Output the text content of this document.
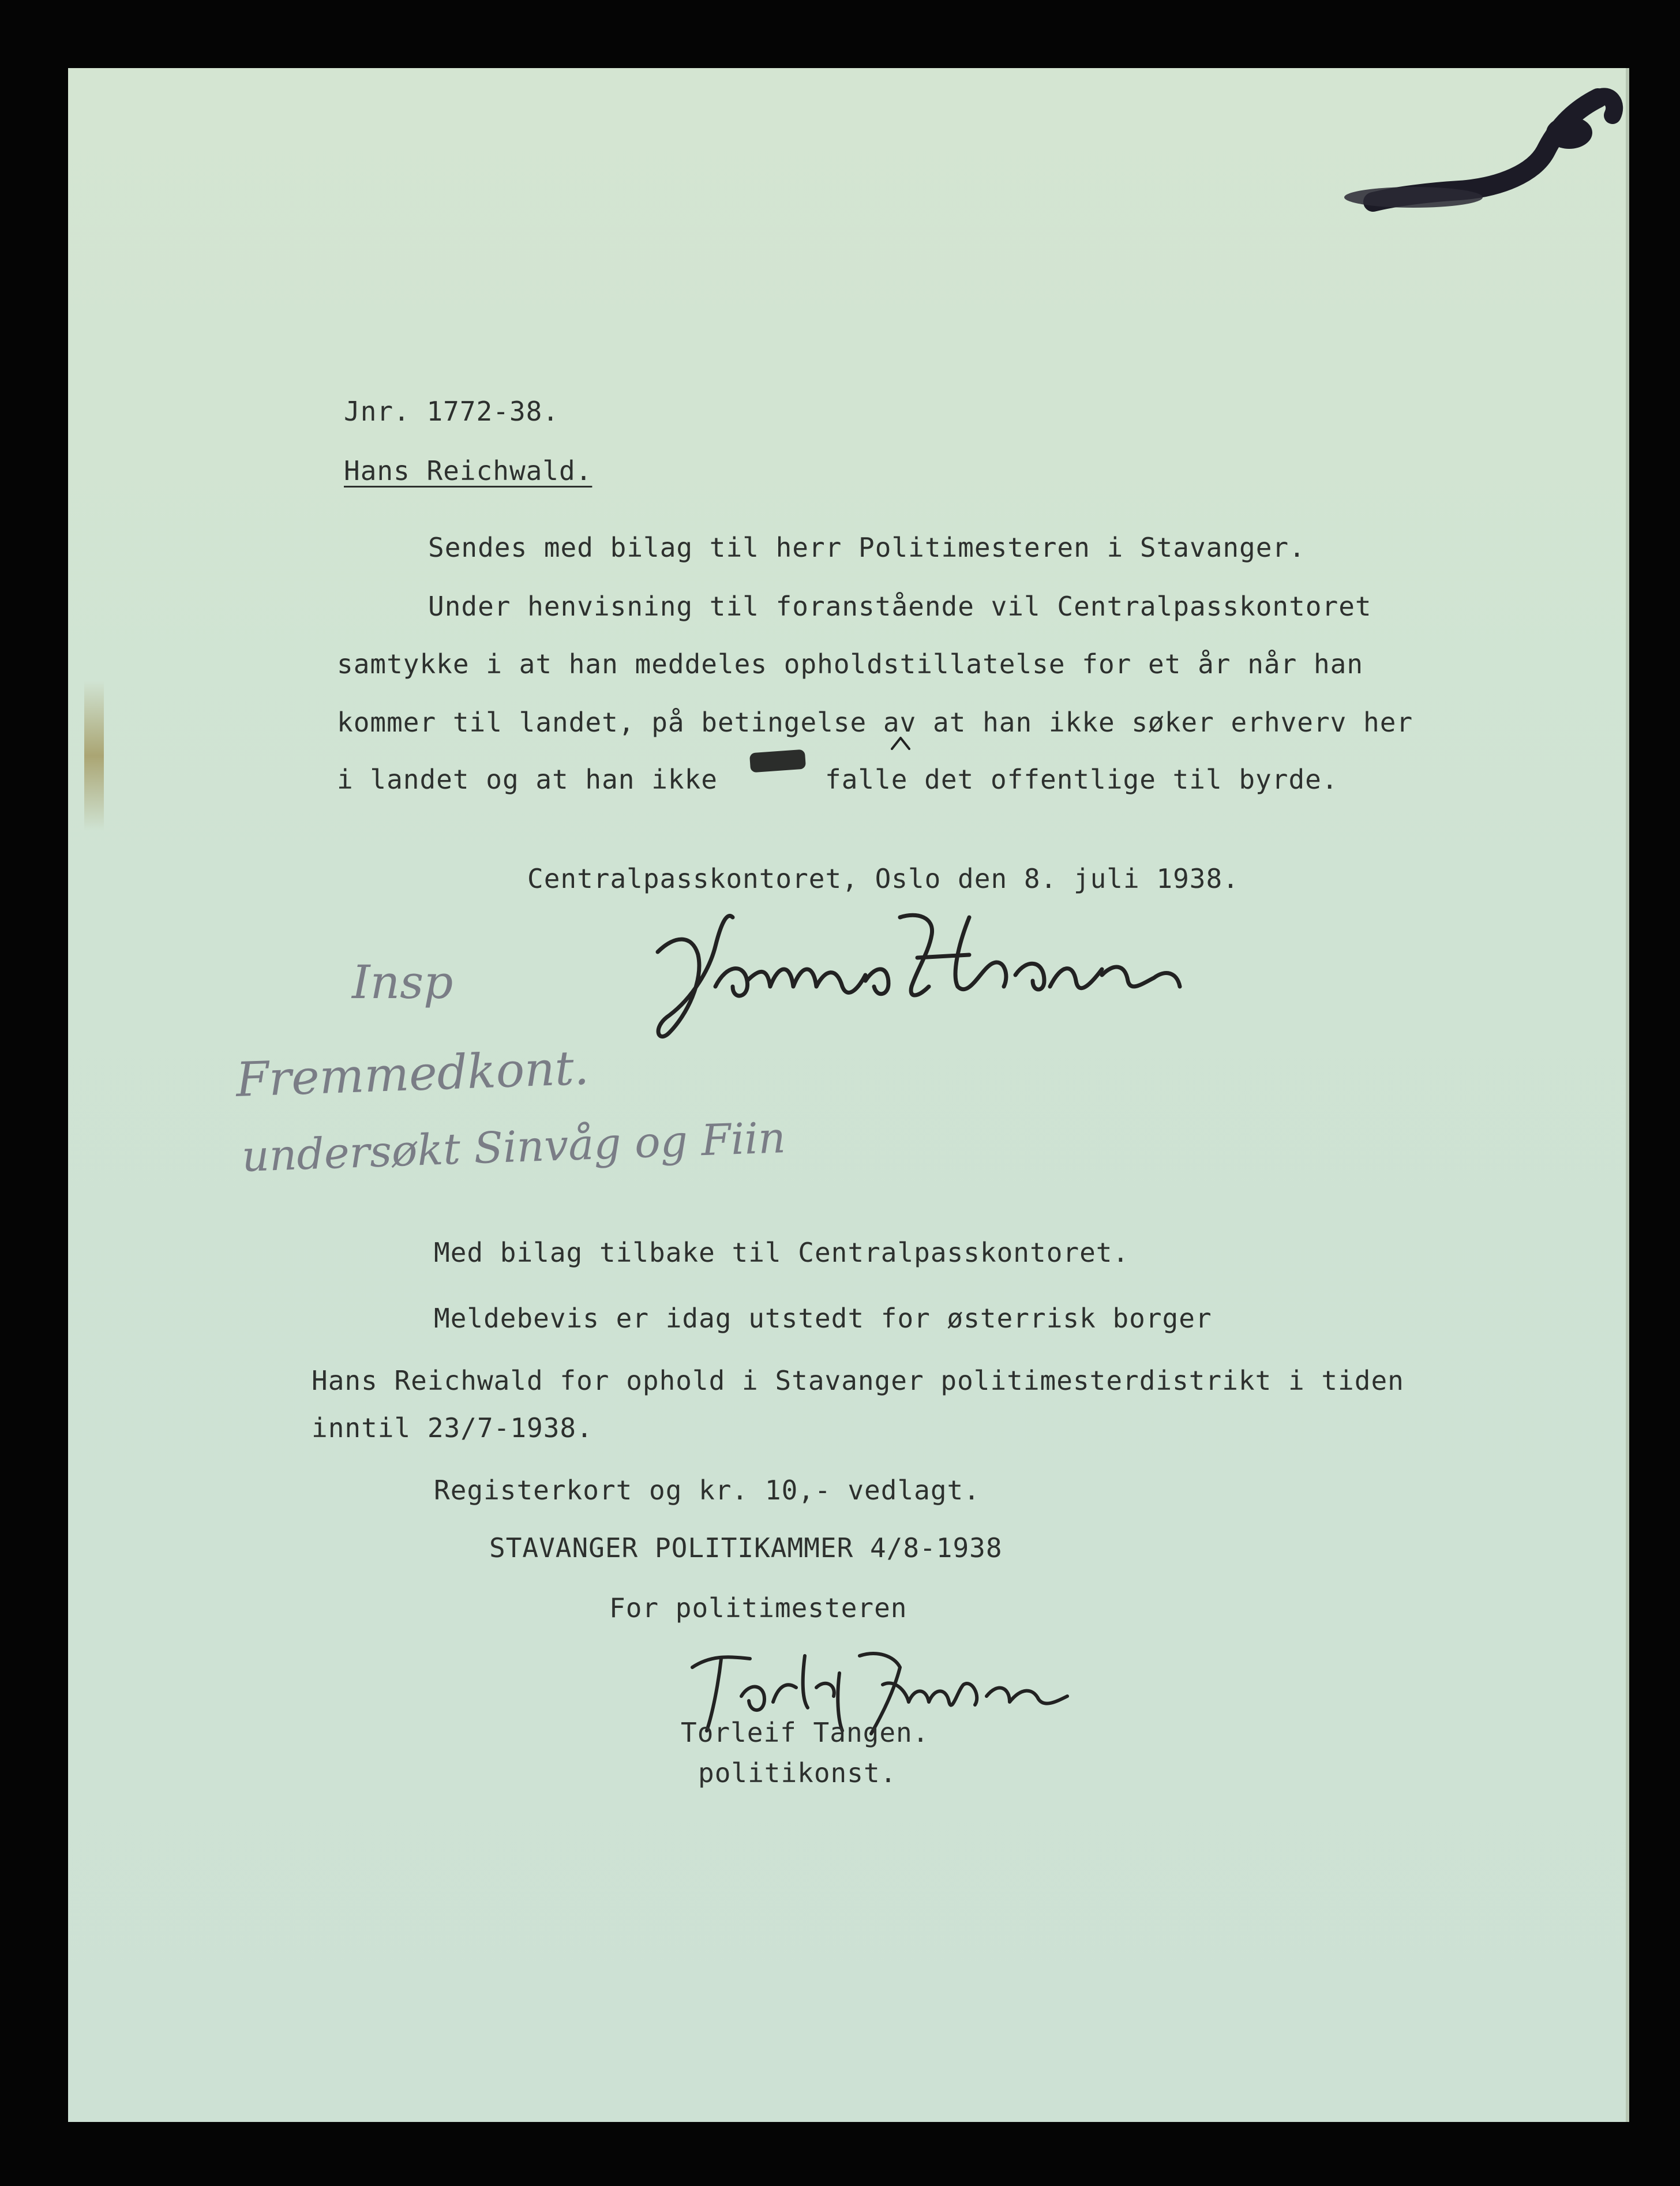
Jnr. 1772-38.

Hans Reichwald.

Sendes med bilag til herr Politimesteren i Stavanger.

Under henvisning til foranstående vil Centralpasskontoret

samtykke i at han meddeles opholdstillatelse for et år når han

kommer til landet, på betingelse av at han ikke søker erhverv her

i landet og at han ikke	falle det offentlige til byrde.

Centralpasskontoret, Oslo den 8. juli 1938.

Insp
Fremmedkont.
undersøkt Sinvåg og Fiin

Med bilag tilbake til Centralpasskontoret.

Meldebevis er idag utstedt for østerrisk borger

Hans Reichwald for ophold i Stavanger politimesterdistrikt i tiden

inntil 23/7-1938.

Registerkort og kr. 10,- vedlagt.

STAVANGER POLITIKAMMER 4/8-1938

For politimesteren

Torleif Tangen.

politikonst.
